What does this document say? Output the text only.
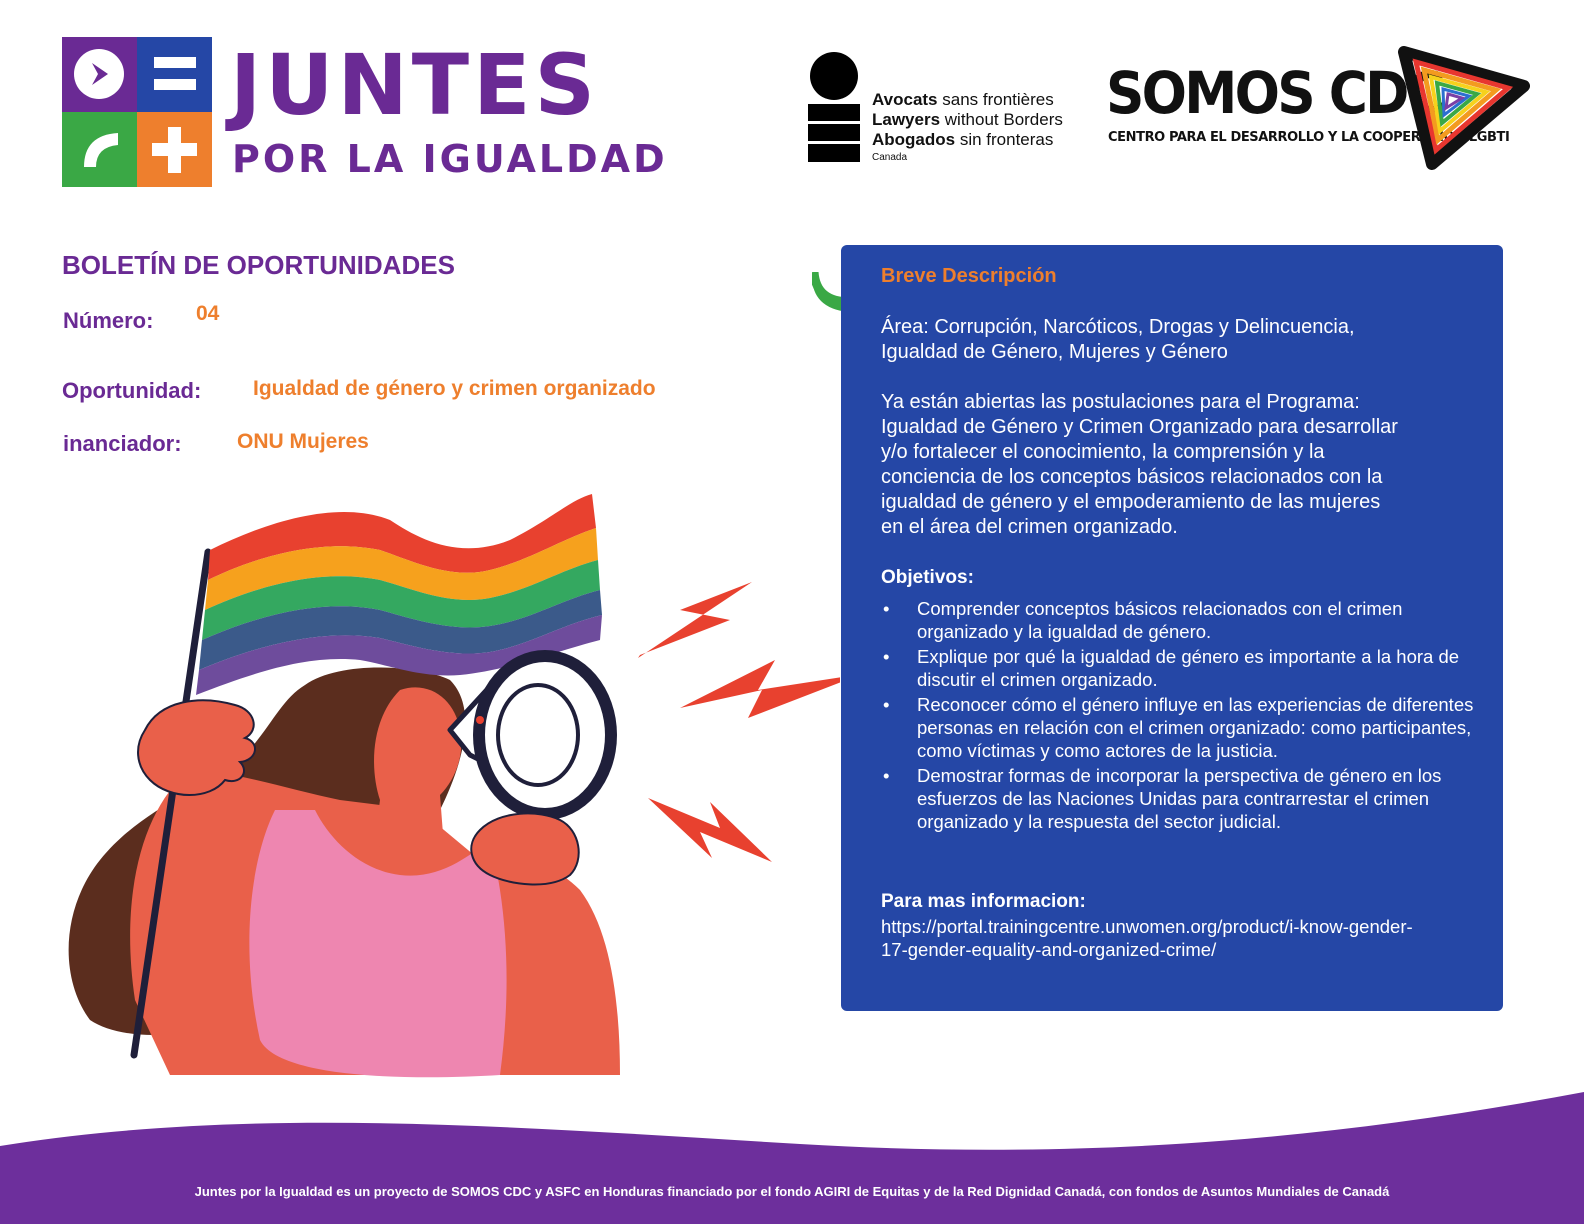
JUNTES
POR LA IGUALDAD
Avocats sans frontières
Lawyers without Borders
Abogados sin fronteras
Canada
SOMOS CDC
CENTRO PARA EL DESARROLLO Y LA COOPERACIÓN LGBTI
BOLETÍN DE OPORTUNIDADES
Número: 04
Oportunidad: Igualdad de género y crimen organizado
inanciador:	ONU Mujeres
Breve Descripción
Área: Corrupción, Narcóticos, Drogas y Delincuencia,
Igualdad de Género, Mujeres y Género
Ya están abiertas las postulaciones para el Programa:
Igualdad de Género y Crimen Organizado para desarrollar
y/o fortalecer el conocimiento, la comprensión y la
conciencia de los conceptos básicos relacionados con la
igualdad de género y el empoderamiento de las mujeres
en el área del crimen organizado.
Objetivos:
• Comprender conceptos básicos relacionados con el crimen organizado y la igualdad de género.
• Explique por qué la igualdad de género es importante a la hora de discutir el crimen organizado.
• Reconocer cómo el género influye en las experiencias de diferentes personas en relación con el crimen organizado: como participantes, como víctimas y como actores de la justicia.
• Demostrar formas de incorporar la perspectiva de género en los esfuerzos de las Naciones Unidas para contrarrestar el crimen organizado y la respuesta del sector judicial.
Para mas informacion:
https://portal.trainingcentre.unwomen.org/product/i-know-gender-
17-gender-equality-and-organized-crime/
Juntes por la Igualdad es un proyecto de SOMOS CDC y ASFC en Honduras financiado por el fondo AGIRI de Equitas y de la Red Dignidad Canadá, con fondos de Asuntos Mundiales de Canadá
